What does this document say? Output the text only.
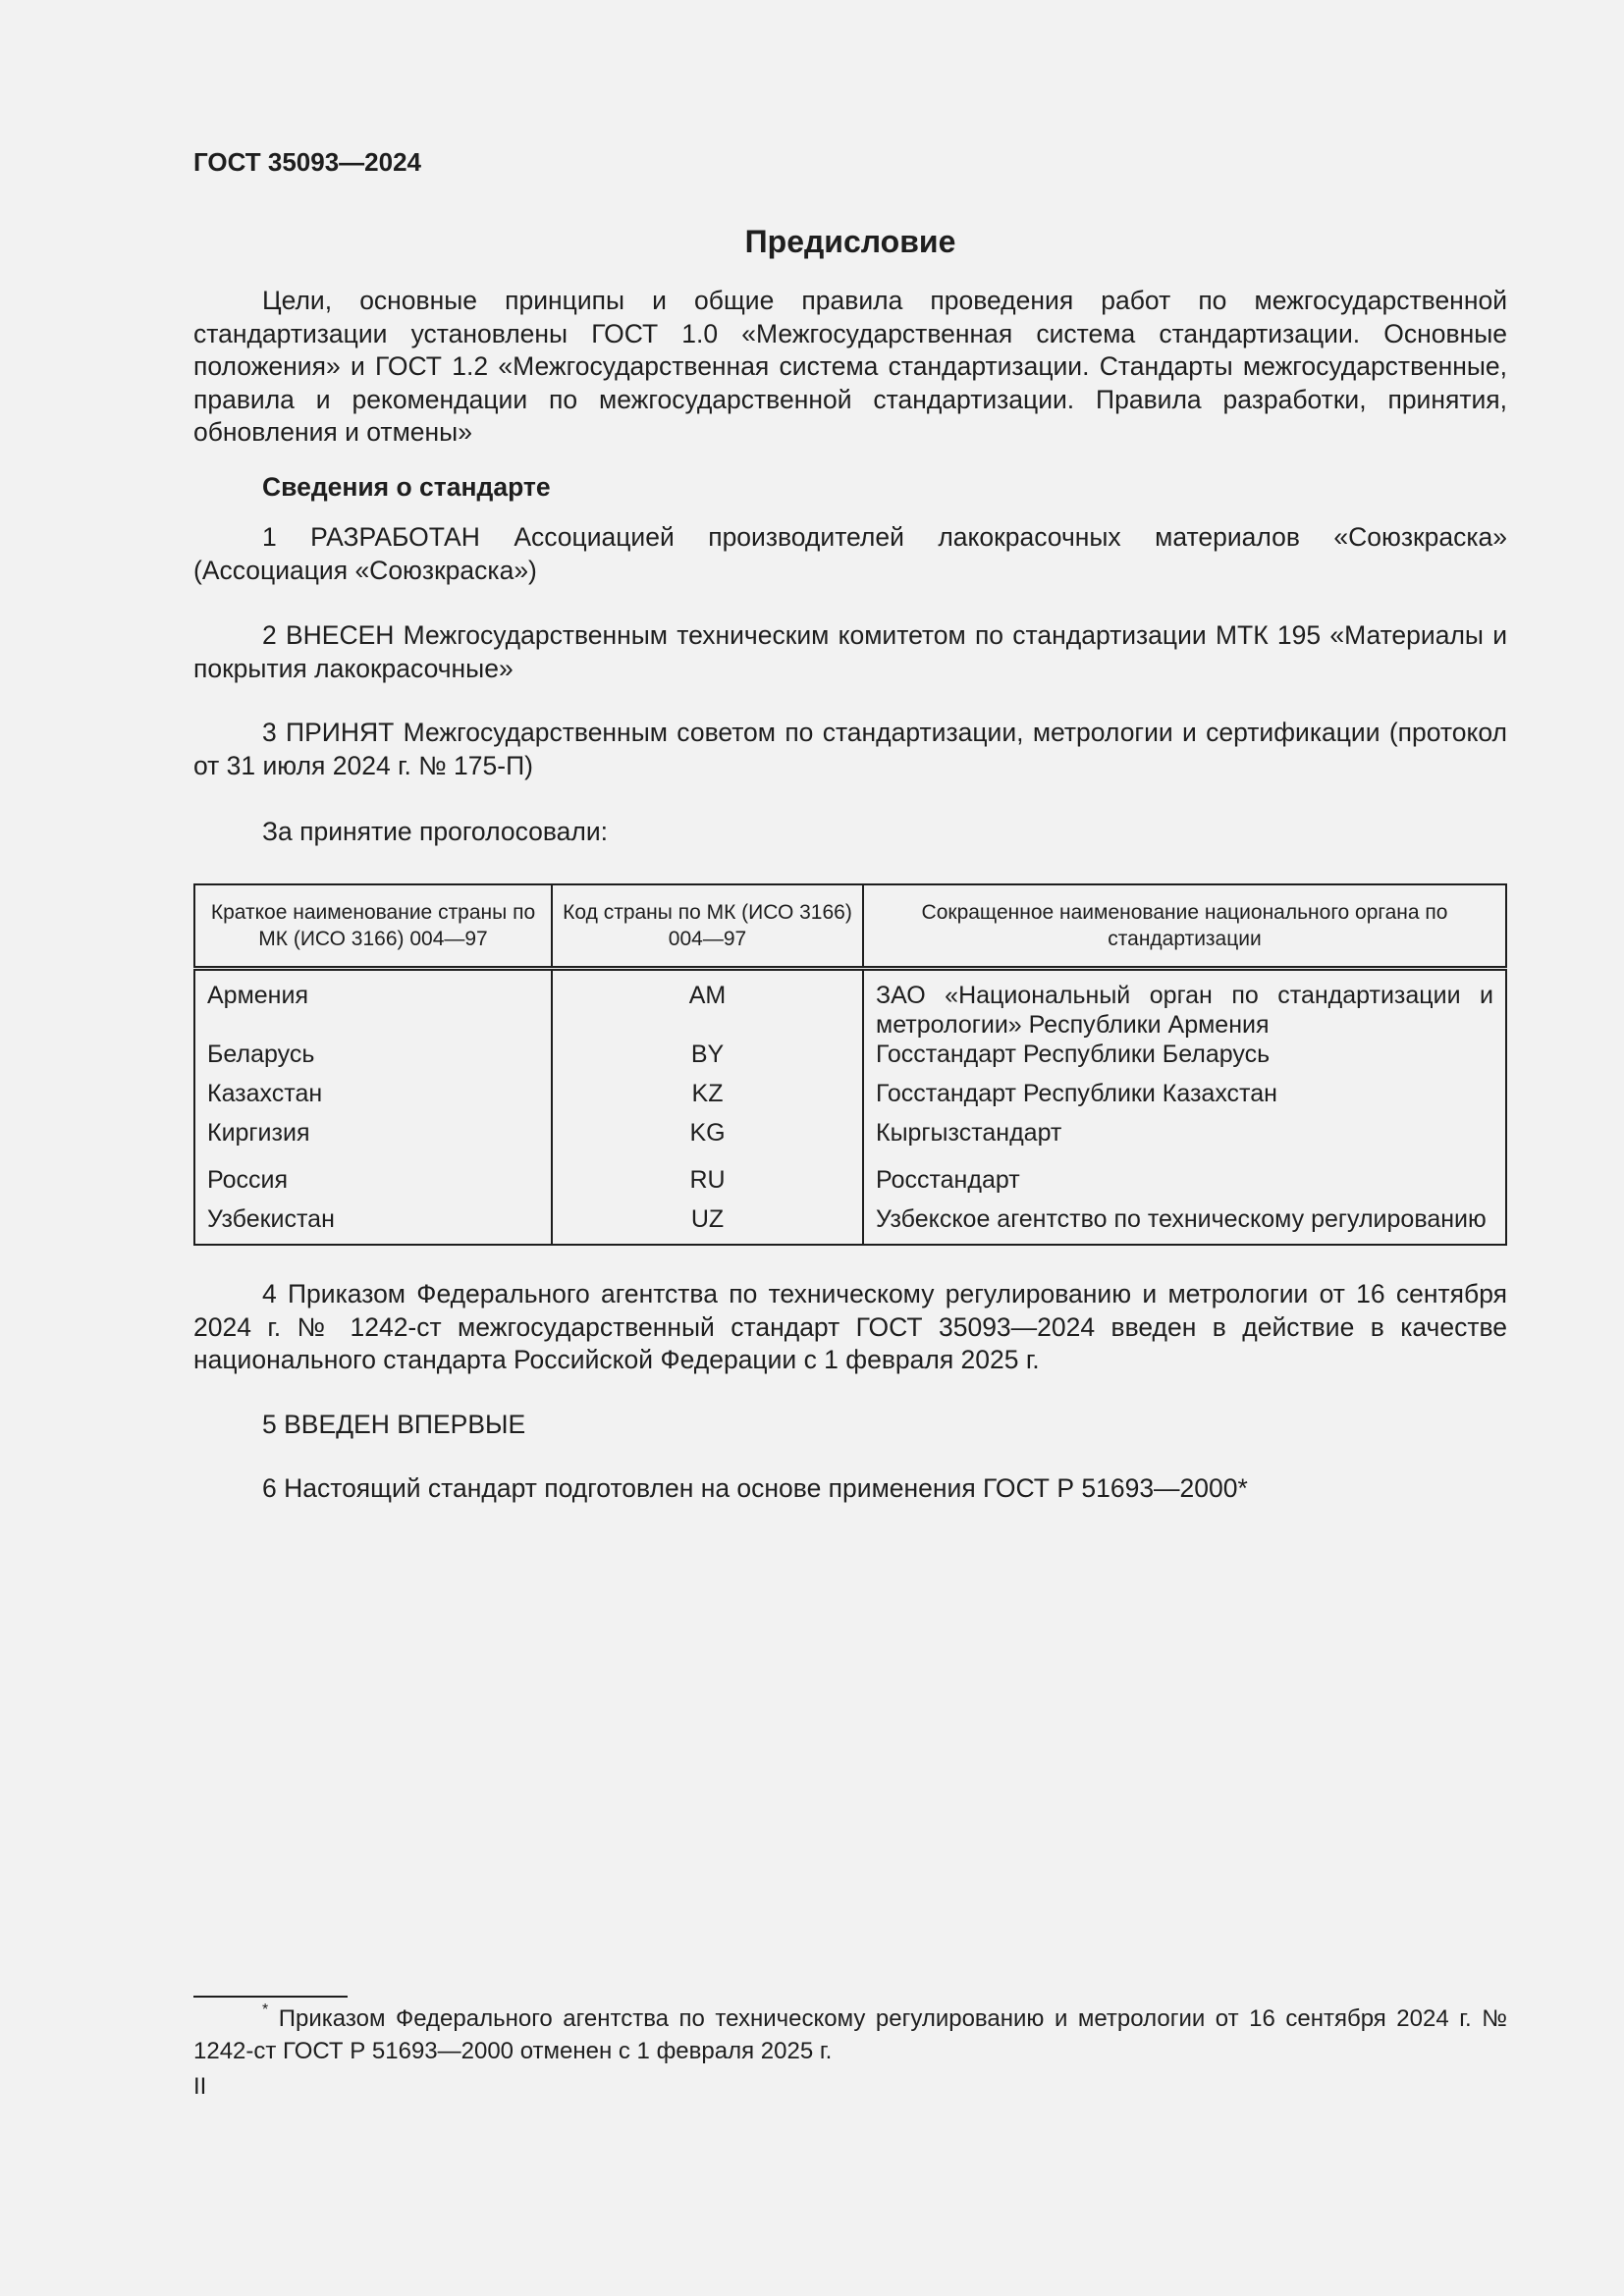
ГОСТ 35093—2024
Предисловие

Цели, основные принципы и общие правила проведения работ по межгосударственной стандартизации установлены ГОСТ 1.0 «Межгосударственная система стандартизации. Основные положения» и ГОСТ 1.2 «Межгосударственная система стандартизации. Стандарты межгосударственные, правила и рекомендации по межгосударственной стандартизации. Правила разработки, принятия, обновления и отмены»

Сведения о стандарте

1 РАЗРАБОТАН Ассоциацией производителей лакокрасочных материалов «Союзкраска» (Ассоциация «Союзкраска»)

2 ВНЕСЕН Межгосударственным техническим комитетом по стандартизации МТК 195 «Материалы и покрытия лакокрасочные»

3 ПРИНЯТ Межгосударственным советом по стандартизации, метрологии и сертификации (протокол от 31 июля 2024 г. № 175-П)

За принятие проголосовали:

Краткое наименование страны по МК (ИСО 3166) 004—97	Код страны по МК (ИСО 3166) 004—97	Сокращенное наименование национального органа по стандартизации
Армения	AM	ЗАО «Национальный орган по стандартизации и метрологии» Республики Армения
Беларусь	BY	Госстандарт Республики Беларусь
Казахстан	KZ	Госстандарт Республики Казахстан
Киргизия	KG	Кыргызстандарт
Россия	RU	Росстандарт
Узбекистан	UZ	Узбекское агентство по техническому регулированию

4 Приказом Федерального агентства по техническому регулированию и метрологии от 16 сентября 2024 г. № 1242-ст межгосударственный стандарт ГОСТ 35093—2024 введен в действие в качестве национального стандарта Российской Федерации с 1 февраля 2025 г.

5 ВВЕДЕН ВПЕРВЫЕ

6 Настоящий стандарт подготовлен на основе применения ГОСТ Р 51693—2000*

* Приказом Федерального агентства по техническому регулированию и метрологии от 16 сентября 2024 г. № 1242-ст ГОСТ Р 51693—2000 отменен с 1 февраля 2025 г.

II
